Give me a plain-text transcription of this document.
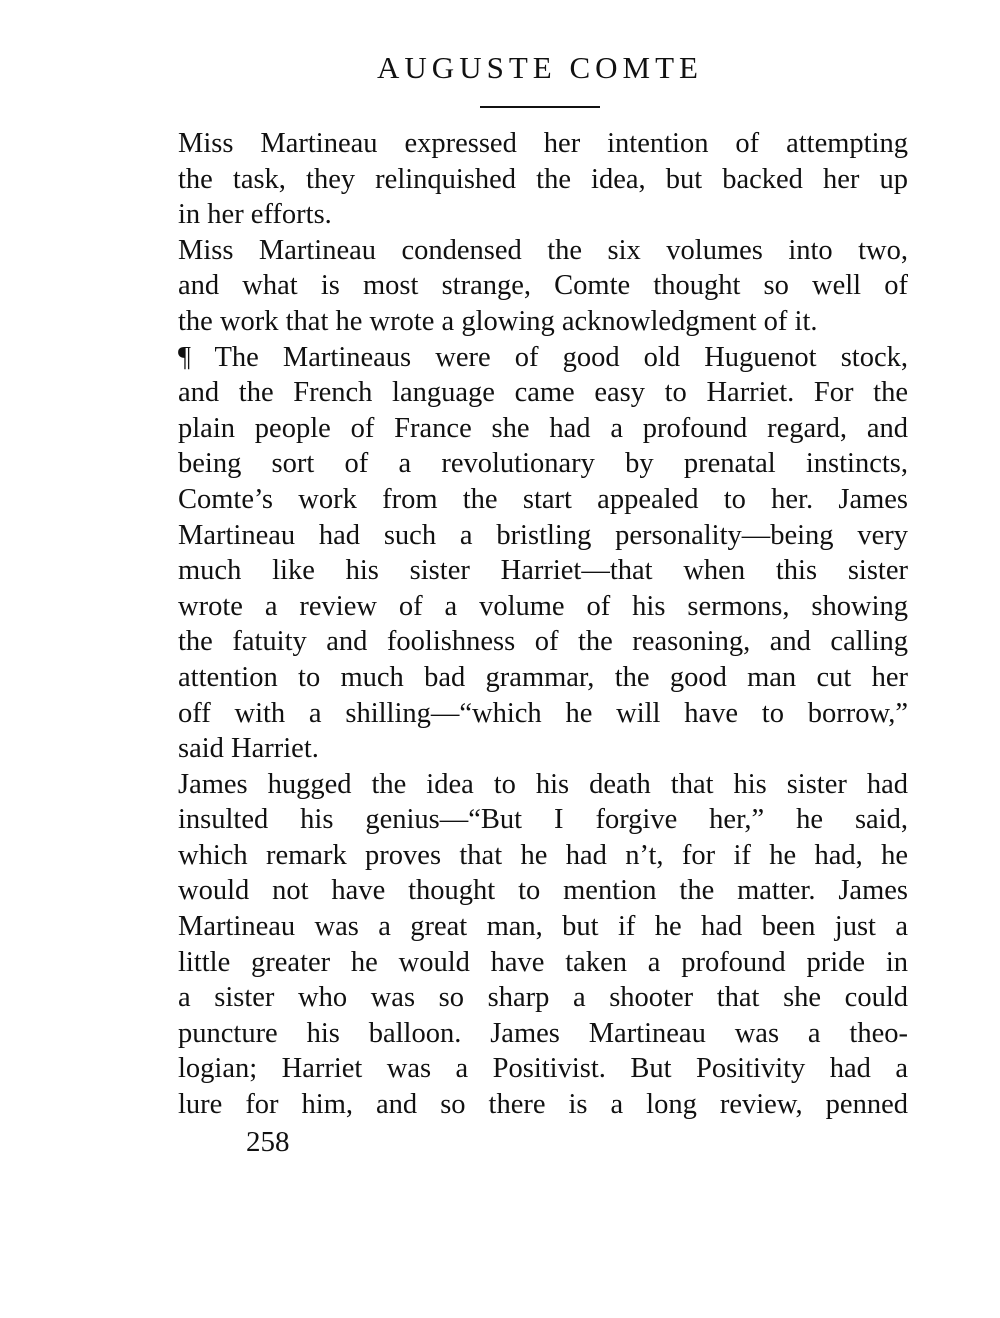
AUGUSTE COMTE
Miss Martineau expressed her intention of attempting
the task, they relinquished the idea, but backed her up
in her efforts.
Miss Martineau condensed the six volumes into two,
and what is most strange, Comte thought so well of
the work that he wrote a glowing acknowledgment of it.
¶ The Martineaus were of good old Huguenot stock,
and the French language came easy to Harriet. For the
plain people of France she had a profound regard, and
being sort of a revolutionary by prenatal instincts,
Comte’s work from the start appealed to her. James
Martineau had such a bristling personality—being very
much like his sister Harriet—that when this sister
wrote a review of a volume of his sermons, showing
the fatuity and foolishness of the reasoning, and calling
attention to much bad grammar, the good man cut her
off with a shilling—“which he will have to borrow,”
said Harriet.
James hugged the idea to his death that his sister had
insulted his genius—“But I forgive her,” he said,
which remark proves that he had n’t, for if he had, he
would not have thought to mention the matter. James
Martineau was a great man, but if he had been just a
little greater he would have taken a profound pride in
a sister who was so sharp a shooter that she could
puncture his balloon. James Martineau was a theo-
logian; Harriet was a Positivist. But Positivity had a
lure for him, and so there is a long review, penned
258
